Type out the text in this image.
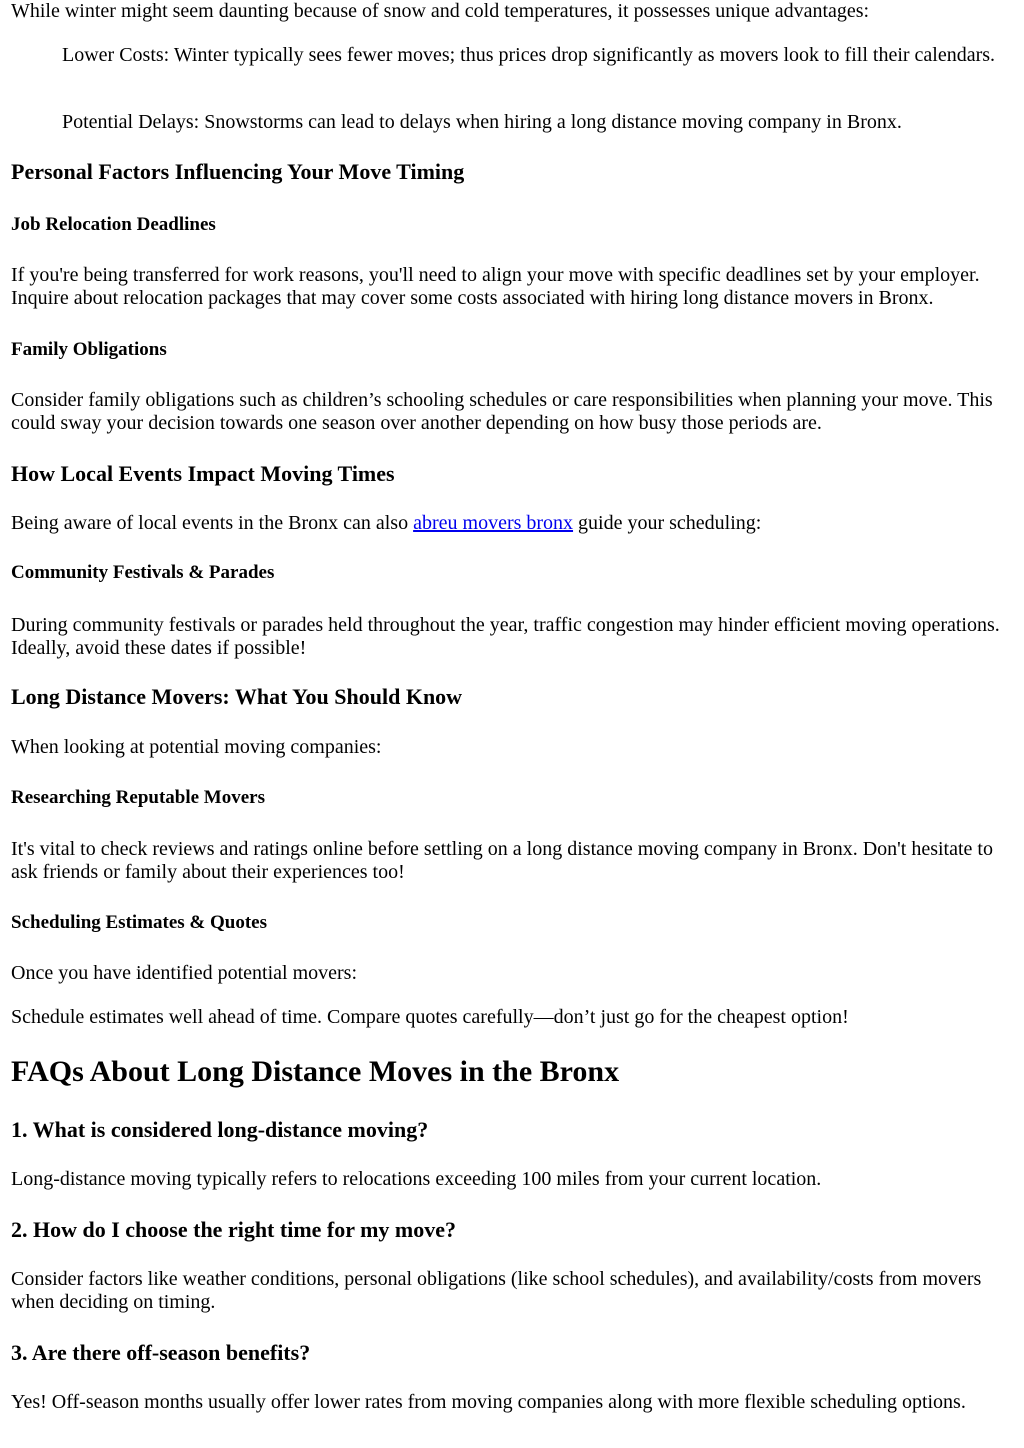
While winter might seem daunting because of snow and cold temperatures, it possesses unique advantages:

Lower Costs: Winter typically sees fewer moves; thus prices drop significantly as movers look to fill their calendars.

Potential Delays: Snowstorms can lead to delays when hiring a long distance moving company in Bronx.

Personal Factors Influencing Your Move Timing
Job Relocation Deadlines

If you're being transferred for work reasons, you'll need to align your move with specific deadlines set by your employer. Inquire about relocation packages that may cover some costs associated with hiring long distance movers in Bronx.

Family Obligations

Consider family obligations such as children’s schooling schedules or care responsibilities when planning your move. This could sway your decision towards one season over another depending on how busy those periods are.

How Local Events Impact Moving Times

Being aware of local events in the Bronx can also abreu movers bronx guide your scheduling:

Community Festivals & Parades

During community festivals or parades held throughout the year, traffic congestion may hinder efficient moving operations. Ideally, avoid these dates if possible!

Long Distance Movers: What You Should Know

When looking at potential moving companies:

Researching Reputable Movers

It's vital to check reviews and ratings online before settling on a long distance moving company in Bronx. Don't hesitate to ask friends or family about their experiences too!

Scheduling Estimates & Quotes

Once you have identified potential movers:

Schedule estimates well ahead of time. Compare quotes carefully—don’t just go for the cheapest option!

FAQs About Long Distance Moves in the Bronx
1. What is considered long-distance moving?

Long-distance moving typically refers to relocations exceeding 100 miles from your current location.

2. How do I choose the right time for my move?

Consider factors like weather conditions, personal obligations (like school schedules), and availability/costs from movers when deciding on timing.

3. Are there off-season benefits?

Yes! Off-season months usually offer lower rates from moving companies along with more flexible scheduling options.
